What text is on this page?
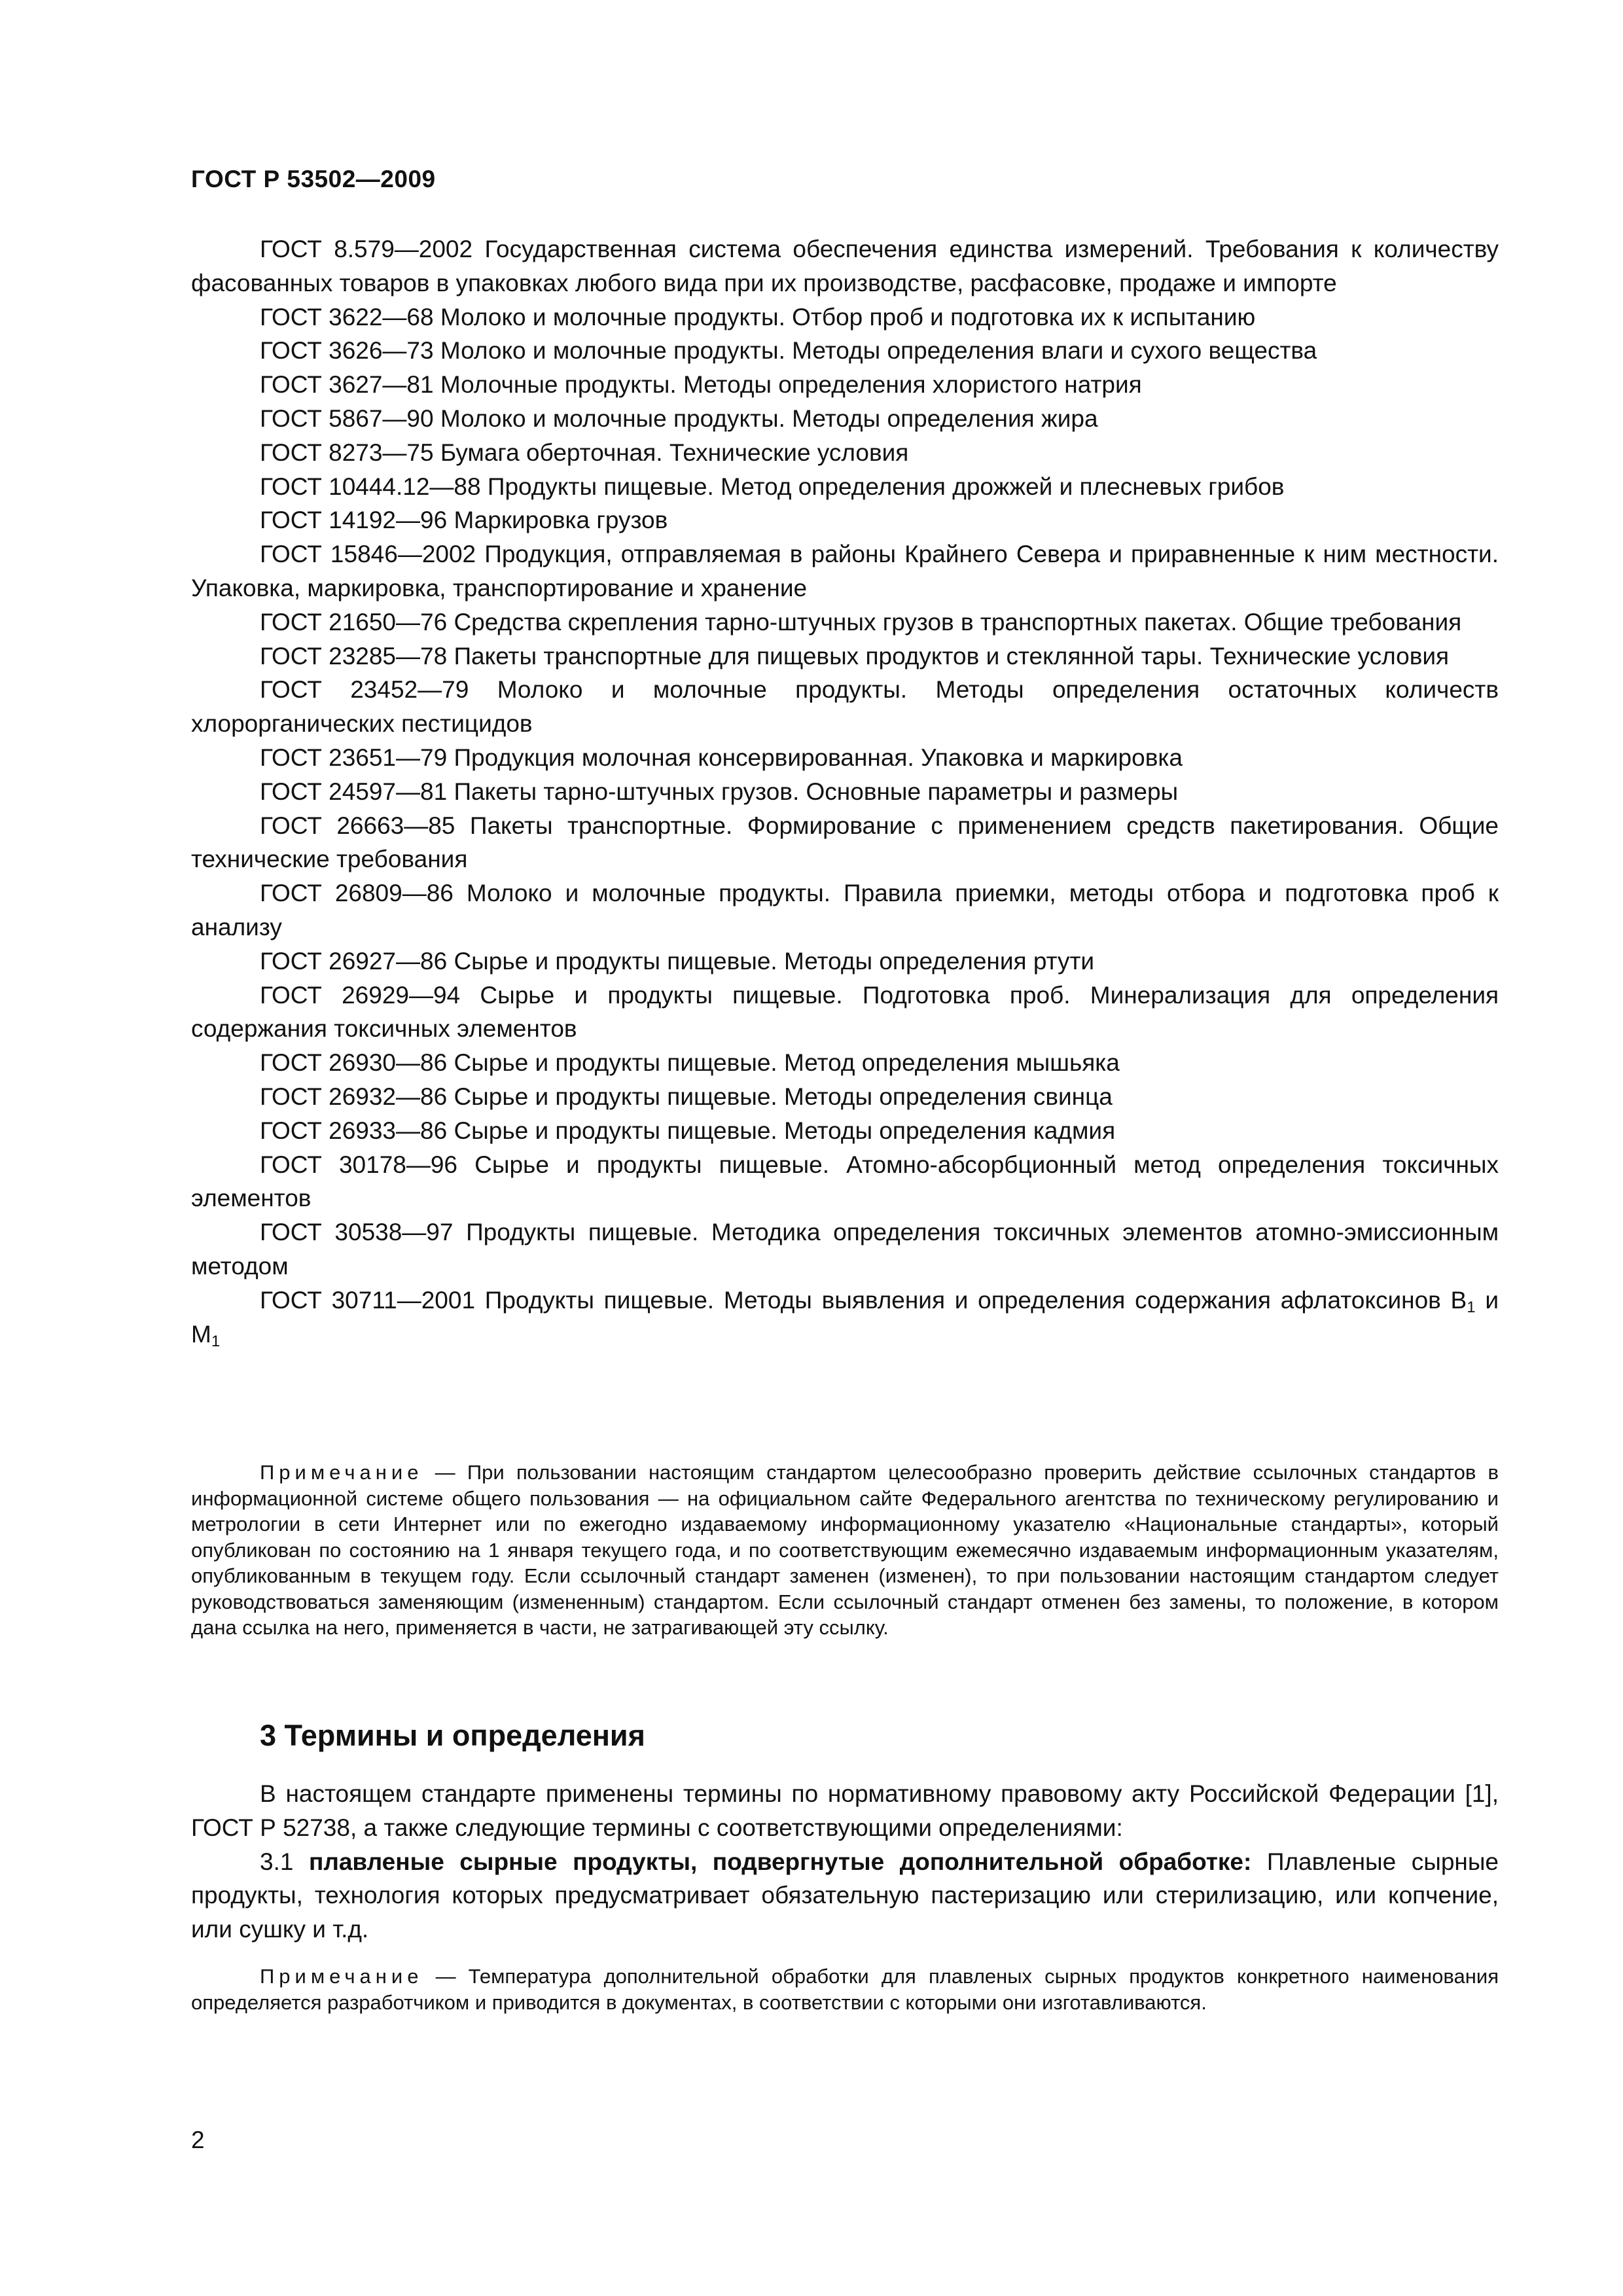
ГОСТ Р 53502—2009

ГОСТ 8.579—2002 Государственная система обеспечения единства измерений. Требования к количеству фасованных товаров в упаковках любого вида при их производстве, расфасовке, продаже и импорте

ГОСТ 3622—68 Молоко и молочные продукты. Отбор проб и подготовка их к испытанию

ГОСТ 3626—73 Молоко и молочные продукты. Методы определения влаги и сухого вещества

ГОСТ 3627—81 Молочные продукты. Методы определения хлористого натрия

ГОСТ 5867—90 Молоко и молочные продукты. Методы определения жира

ГОСТ 8273—75 Бумага оберточная. Технические условия

ГОСТ 10444.12—88 Продукты пищевые. Метод определения дрожжей и плесневых грибов

ГОСТ 14192—96 Маркировка грузов

ГОСТ 15846—2002 Продукция, отправляемая в районы Крайнего Севера и приравненные к ним местности. Упаковка, маркировка, транспортирование и хранение

ГОСТ 21650—76 Средства скрепления тарно-штучных грузов в транспортных пакетах. Общие требования

ГОСТ 23285—78 Пакеты транспортные для пищевых продуктов и стеклянной тары. Технические условия

ГОСТ 23452—79 Молоко и молочные продукты. Методы определения остаточных количеств хлорорганических пестицидов

ГОСТ 23651—79 Продукция молочная консервированная. Упаковка и маркировка

ГОСТ 24597—81 Пакеты тарно-штучных грузов. Основные параметры и размеры

ГОСТ 26663—85 Пакеты транспортные. Формирование с применением средств пакетирования. Общие технические требования

ГОСТ 26809—86 Молоко и молочные продукты. Правила приемки, методы отбора и подготовка проб к анализу

ГОСТ 26927—86 Сырье и продукты пищевые. Методы определения ртути

ГОСТ 26929—94 Сырье и продукты пищевые. Подготовка проб. Минерализация для определения содержания токсичных элементов

ГОСТ 26930—86 Сырье и продукты пищевые. Метод определения мышьяка

ГОСТ 26932—86 Сырье и продукты пищевые. Методы определения свинца

ГОСТ 26933—86 Сырье и продукты пищевые. Методы определения кадмия

ГОСТ 30178—96 Сырье и продукты пищевые. Атомно-абсорбционный метод определения токсичных элементов

ГОСТ 30538—97 Продукты пищевые. Методика определения токсичных элементов атомно-эмиссионным методом

ГОСТ 30711—2001 Продукты пищевые. Методы выявления и определения содержания афлатоксинов $B_1$ и $M_1$

Примечание — При пользовании настоящим стандартом целесообразно проверить действие ссылочных стандартов в информационной системе общего пользования — на официальном сайте Федерального агентства по техническому регулированию и метрологии в сети Интернет или по ежегодно издаваемому информационному указателю «Национальные стандарты», который опубликован по состоянию на 1 января текущего года, и по соответствующим ежемесячно издаваемым информационным указателям, опубликованным в текущем году. Если ссылочный стандарт заменен (изменен), то при пользовании настоящим стандартом следует руководствоваться заменяющим (измененным) стандартом. Если ссылочный стандарт отменен без замены, то положение, в котором дана ссылка на него, применяется в части, не затрагивающей эту ссылку.

3 Термины и определения

В настоящем стандарте применены термины по нормативному правовому акту Российской Федерации [1], ГОСТ Р 52738, а также следующие термины с соответствующими определениями:

3.1 плавленые сырные продукты, подвергнутые дополнительной обработке: Плавленые сырные продукты, технология которых предусматривает обязательную пастеризацию или стерилизацию, или копчение, или сушку и т.д.

Примечание — Температура дополнительной обработки для плавленых сырных продуктов конкретного наименования определяется разработчиком и приводится в документах, в соответствии с которыми они изготавливаются.

2
